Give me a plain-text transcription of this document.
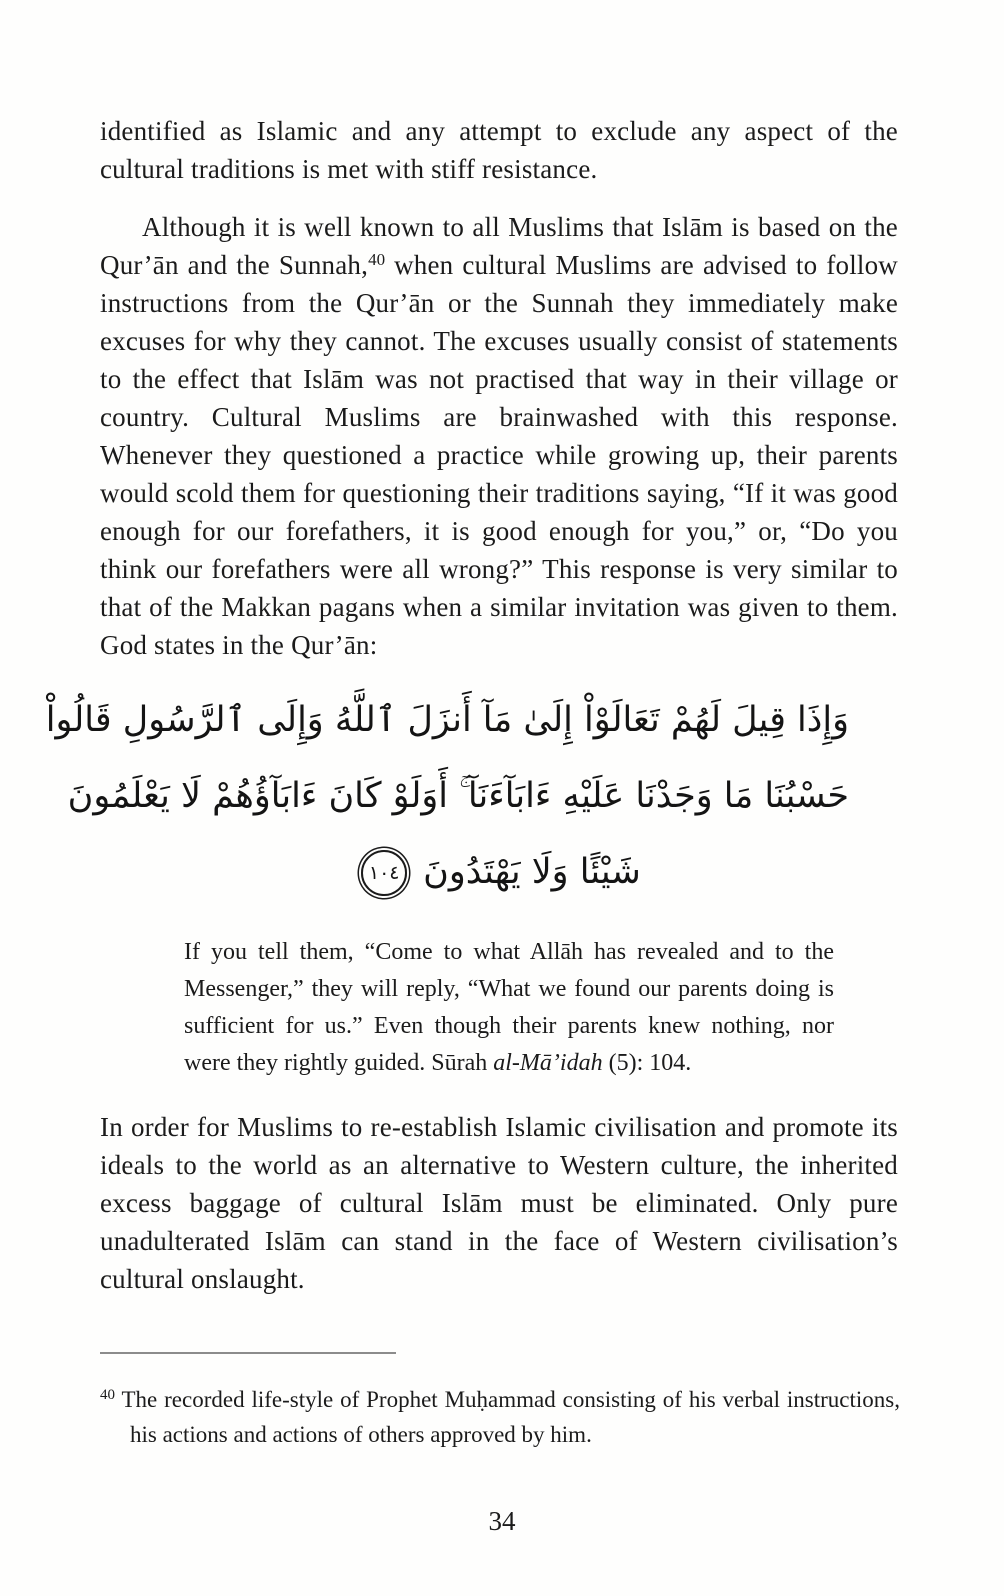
identified as Islamic and any attempt to exclude any aspect of the cultural traditions is met with stiff resistance.

Although it is well known to all Muslims that Islām is based on the Qur’ān and the Sunnah,$^{40}$ when cultural Muslims are advised to follow instructions from the Qur’ān or the Sunnah they immediately make excuses for why they cannot. The excuses usually consist of statements to the effect that Islām was not practised that way in their village or country. Cultural Muslims are brainwashed with this response. Whenever they questioned a practice while growing up, their parents would scold them for questioning their traditions saying, “If it was good enough for our forefathers, it is good enough for you,” or, “Do you think our forefathers were all wrong?” This response is very similar to that of the Makkan pagans when a similar invitation was given to them. God states in the Qur’ān:

وَإِذَا قِيلَ لَهُمْ تَعَالَوْاْ إِلَىٰ مَآ أَنزَلَ ٱللَّهُ وَإِلَى ٱلرَّسُولِ قَالُواْ
حَسْبُنَا مَا وَجَدْنَا عَلَيْهِ ءَابَآءَنَآ ۚ أَوَلَوْ كَانَ ءَابَآؤُهُمْ لَا يَعْلَمُونَ
شَيْئًا وَلَا يَهْتَدُونَ
١٠٤
If you tell them, “Come to what Allāh has revealed and to the Messenger,” they will reply, “What we found our parents doing is sufficient for us.” Even though their parents knew nothing, nor were they rightly guided. Sūrah al-Mā’idah (5): 104.

In order for Muslims to re-establish Islamic civilisation and promote its ideals to the world as an alternative to Western culture, the inherited excess baggage of cultural Islām must be eliminated. Only pure unadulterated Islām can stand in the face of Western civilisation’s cultural onslaught.

$^{40}$ The recorded life-style of Prophet Muḥammad consisting of his verbal instructions, his actions and actions of others approved by him.

34
